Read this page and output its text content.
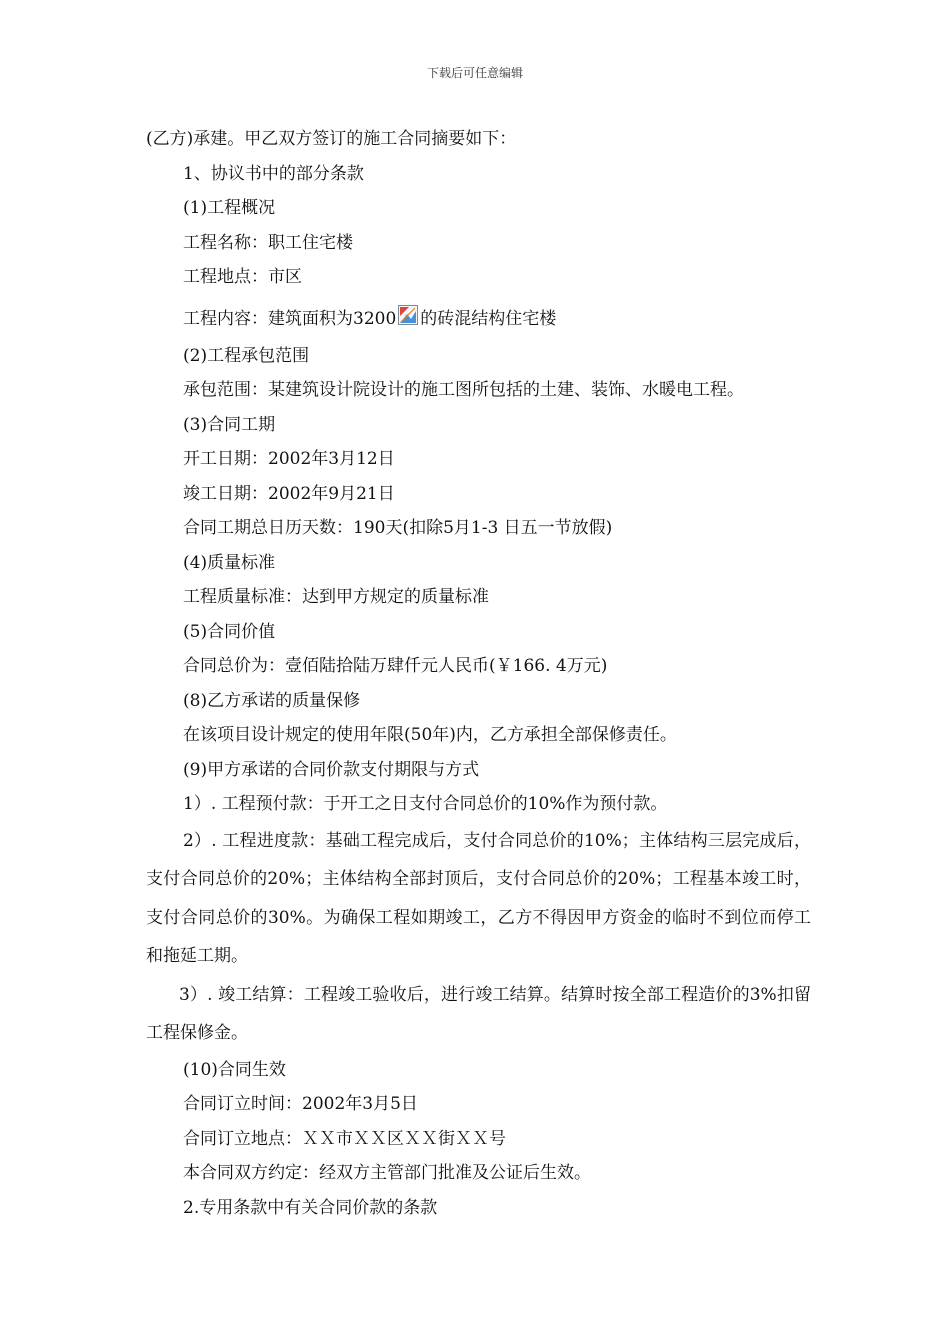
下载后可任意编辑

(乙方)承建。甲乙双方签订的施工合同摘要如下：

1、协议书中的部分条款

(1)工程概况

工程名称：职工住宅楼

工程地点：市区

工程内容：建筑面积为3200 的砖混结构住宅楼

(2)工程承包范围

承包范围：某建筑设计院设计的施工图所包括的土建、装饰、水暖电工程。

(3)合同工期

开工日期：2002年3月12日

竣工日期：2002年9月21日

合同工期总日历天数：190天(扣除5月1-3 日五一节放假)

(4)质量标准

工程质量标准：达到甲方规定的质量标准

(5)合同价值

合同总价为：壹佰陆拾陆万肆仟元人民币(￥166. 4万元)

(8)乙方承诺的质量保修

在该项目设计规定的使用年限(50年)内，乙方承担全部保修责任。

(9)甲方承诺的合同价款支付期限与方式

1）. 工程预付款：于开工之日支付合同总价的10%作为预付款。

2）. 工程进度款：基础工程完成后，支付合同总价的10%；主体结构三层完成后，支付合同总价的20%；主体结构全部封顶后，支付合同总价的20%；工程基本竣工时，支付合同总价的30%。为确保工程如期竣工，乙方不得因甲方资金的临时不到位而停工和拖延工期。

3）. 竣工结算：工程竣工验收后，进行竣工结算。结算时按全部工程造价的3%扣留工程保修金。

(10)合同生效

合同订立时间：2002年3月5日

合同订立地点：ＸＸ市ＸＸ区ＸＸ街ＸＸ号

本合同双方约定：经双方主管部门批准及公证后生效。

2.专用条款中有关合同价款的条款
